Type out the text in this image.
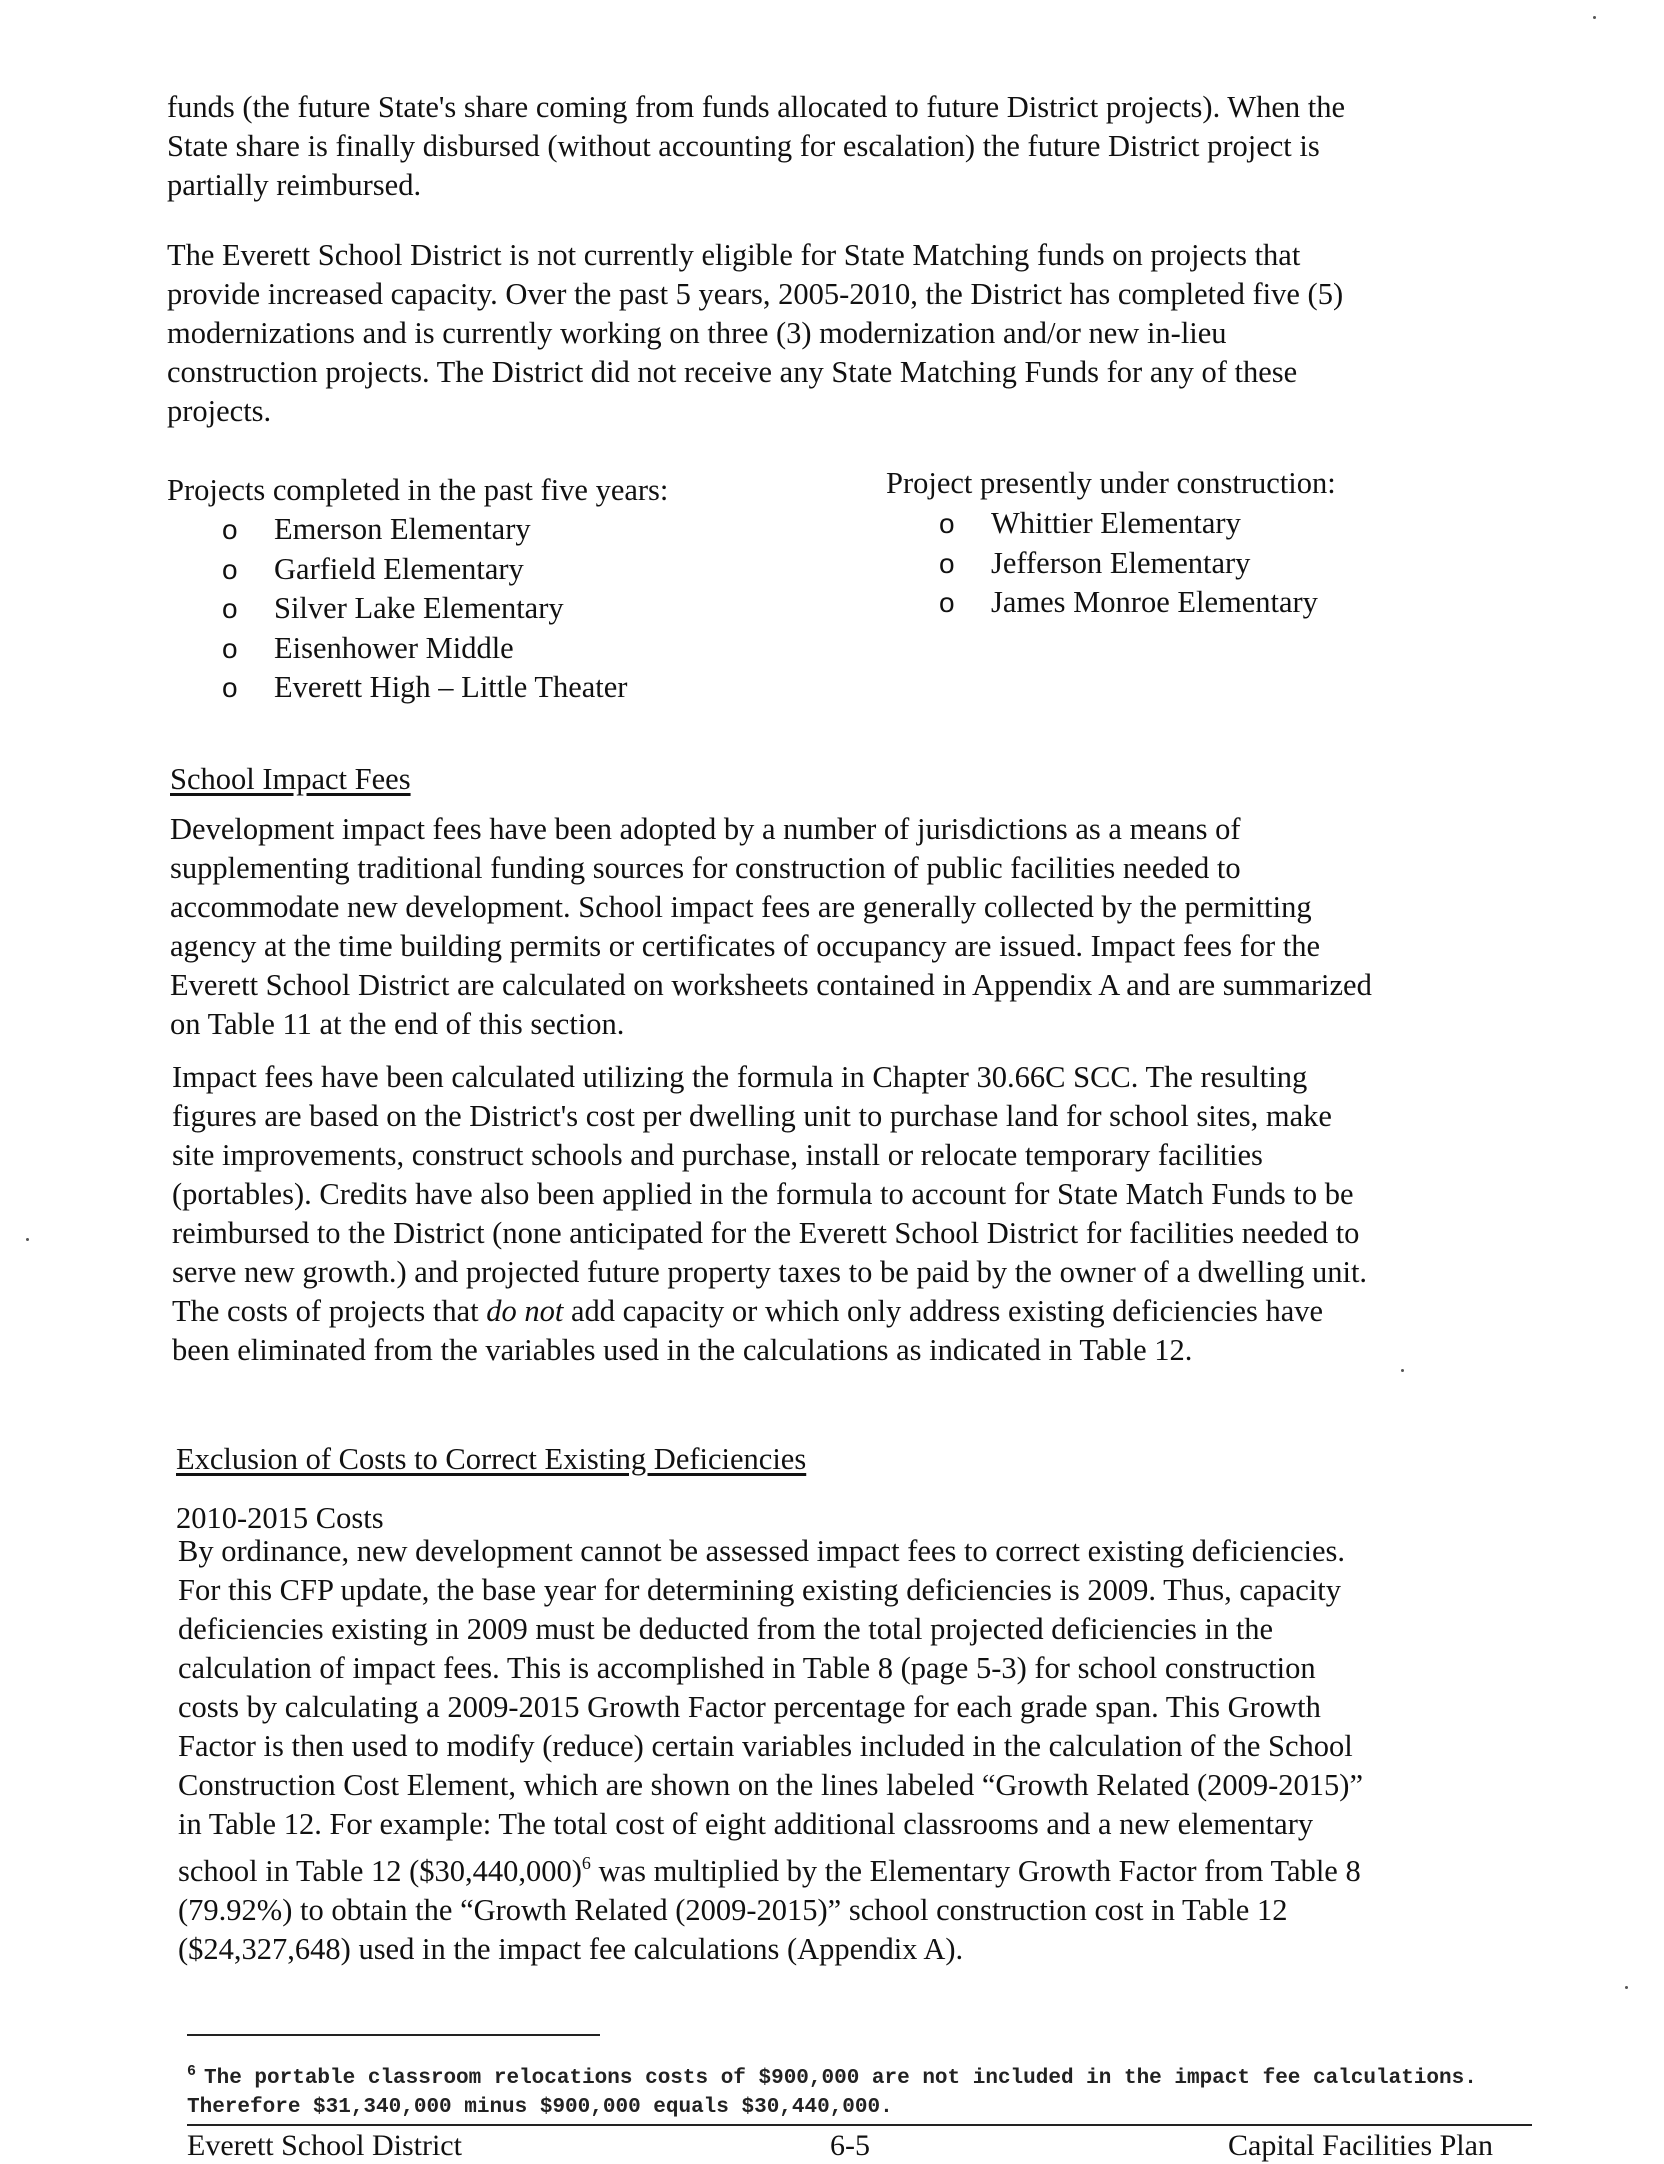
funds (the future State's share coming from funds allocated to future District projects). When the
State share is finally disbursed (without accounting for escalation) the future District project is
partially reimbursed.

The Everett School District is not currently eligible for State Matching funds on projects that
provide increased capacity. Over the past 5 years, 2005-2010, the District has completed five (5)
modernizations and is currently working on three (3) modernization and/or new in-lieu
construction projects. The District did not receive any State Matching Funds for any of these
projects.

Projects completed in the past five years:
o Emerson Elementary
o Garfield Elementary
o Silver Lake Elementary
o Eisenhower Middle
o Everett High – Little Theater
Project presently under construction:
o Whittier Elementary
o Jefferson Elementary
o James Monroe Elementary
School Impact Fees

Development impact fees have been adopted by a number of jurisdictions as a means of
supplementing traditional funding sources for construction of public facilities needed to
accommodate new development. School impact fees are generally collected by the permitting
agency at the time building permits or certificates of occupancy are issued. Impact fees for the
Everett School District are calculated on worksheets contained in Appendix A and are summarized
on Table 11 at the end of this section.

Impact fees have been calculated utilizing the formula in Chapter 30.66C SCC. The resulting
figures are based on the District's cost per dwelling unit to purchase land for school sites, make
site improvements, construct schools and purchase, install or relocate temporary facilities
(portables). Credits have also been applied in the formula to account for State Match Funds to be
reimbursed to the District (none anticipated for the Everett School District for facilities needed to
serve new growth.) and projected future property taxes to be paid by the owner of a dwelling unit.
The costs of projects that do not add capacity or which only address existing deficiencies have
been eliminated from the variables used in the calculations as indicated in Table 12.

Exclusion of Costs to Correct Existing Deficiencies
2010-2015 Costs

By ordinance, new development cannot be assessed impact fees to correct existing deficiencies.
For this CFP update, the base year for determining existing deficiencies is 2009. Thus, capacity
deficiencies existing in 2009 must be deducted from the total projected deficiencies in the
calculation of impact fees. This is accomplished in Table 8 (page 5-3) for school construction
costs by calculating a 2009-2015 Growth Factor percentage for each grade span. This Growth
Factor is then used to modify (reduce) certain variables included in the calculation of the School
Construction Cost Element, which are shown on the lines labeled “Growth Related (2009-2015)”
in Table 12. For example: The total cost of eight additional classrooms and a new elementary
school in Table 12 ($30,440,000)$^6$ was multiplied by the Elementary Growth Factor from Table 8
(79.92%) to obtain the “Growth Related (2009-2015)” school construction cost in Table 12
($24,327,648) used in the impact fee calculations (Appendix A).

$^6$ The portable classroom relocations costs of $900,000 are not included in the impact fee calculations.
Therefore $31,340,000 minus $900,000 equals $30,440,000.
Everett School District	6-5	Capital Facilities Plan
